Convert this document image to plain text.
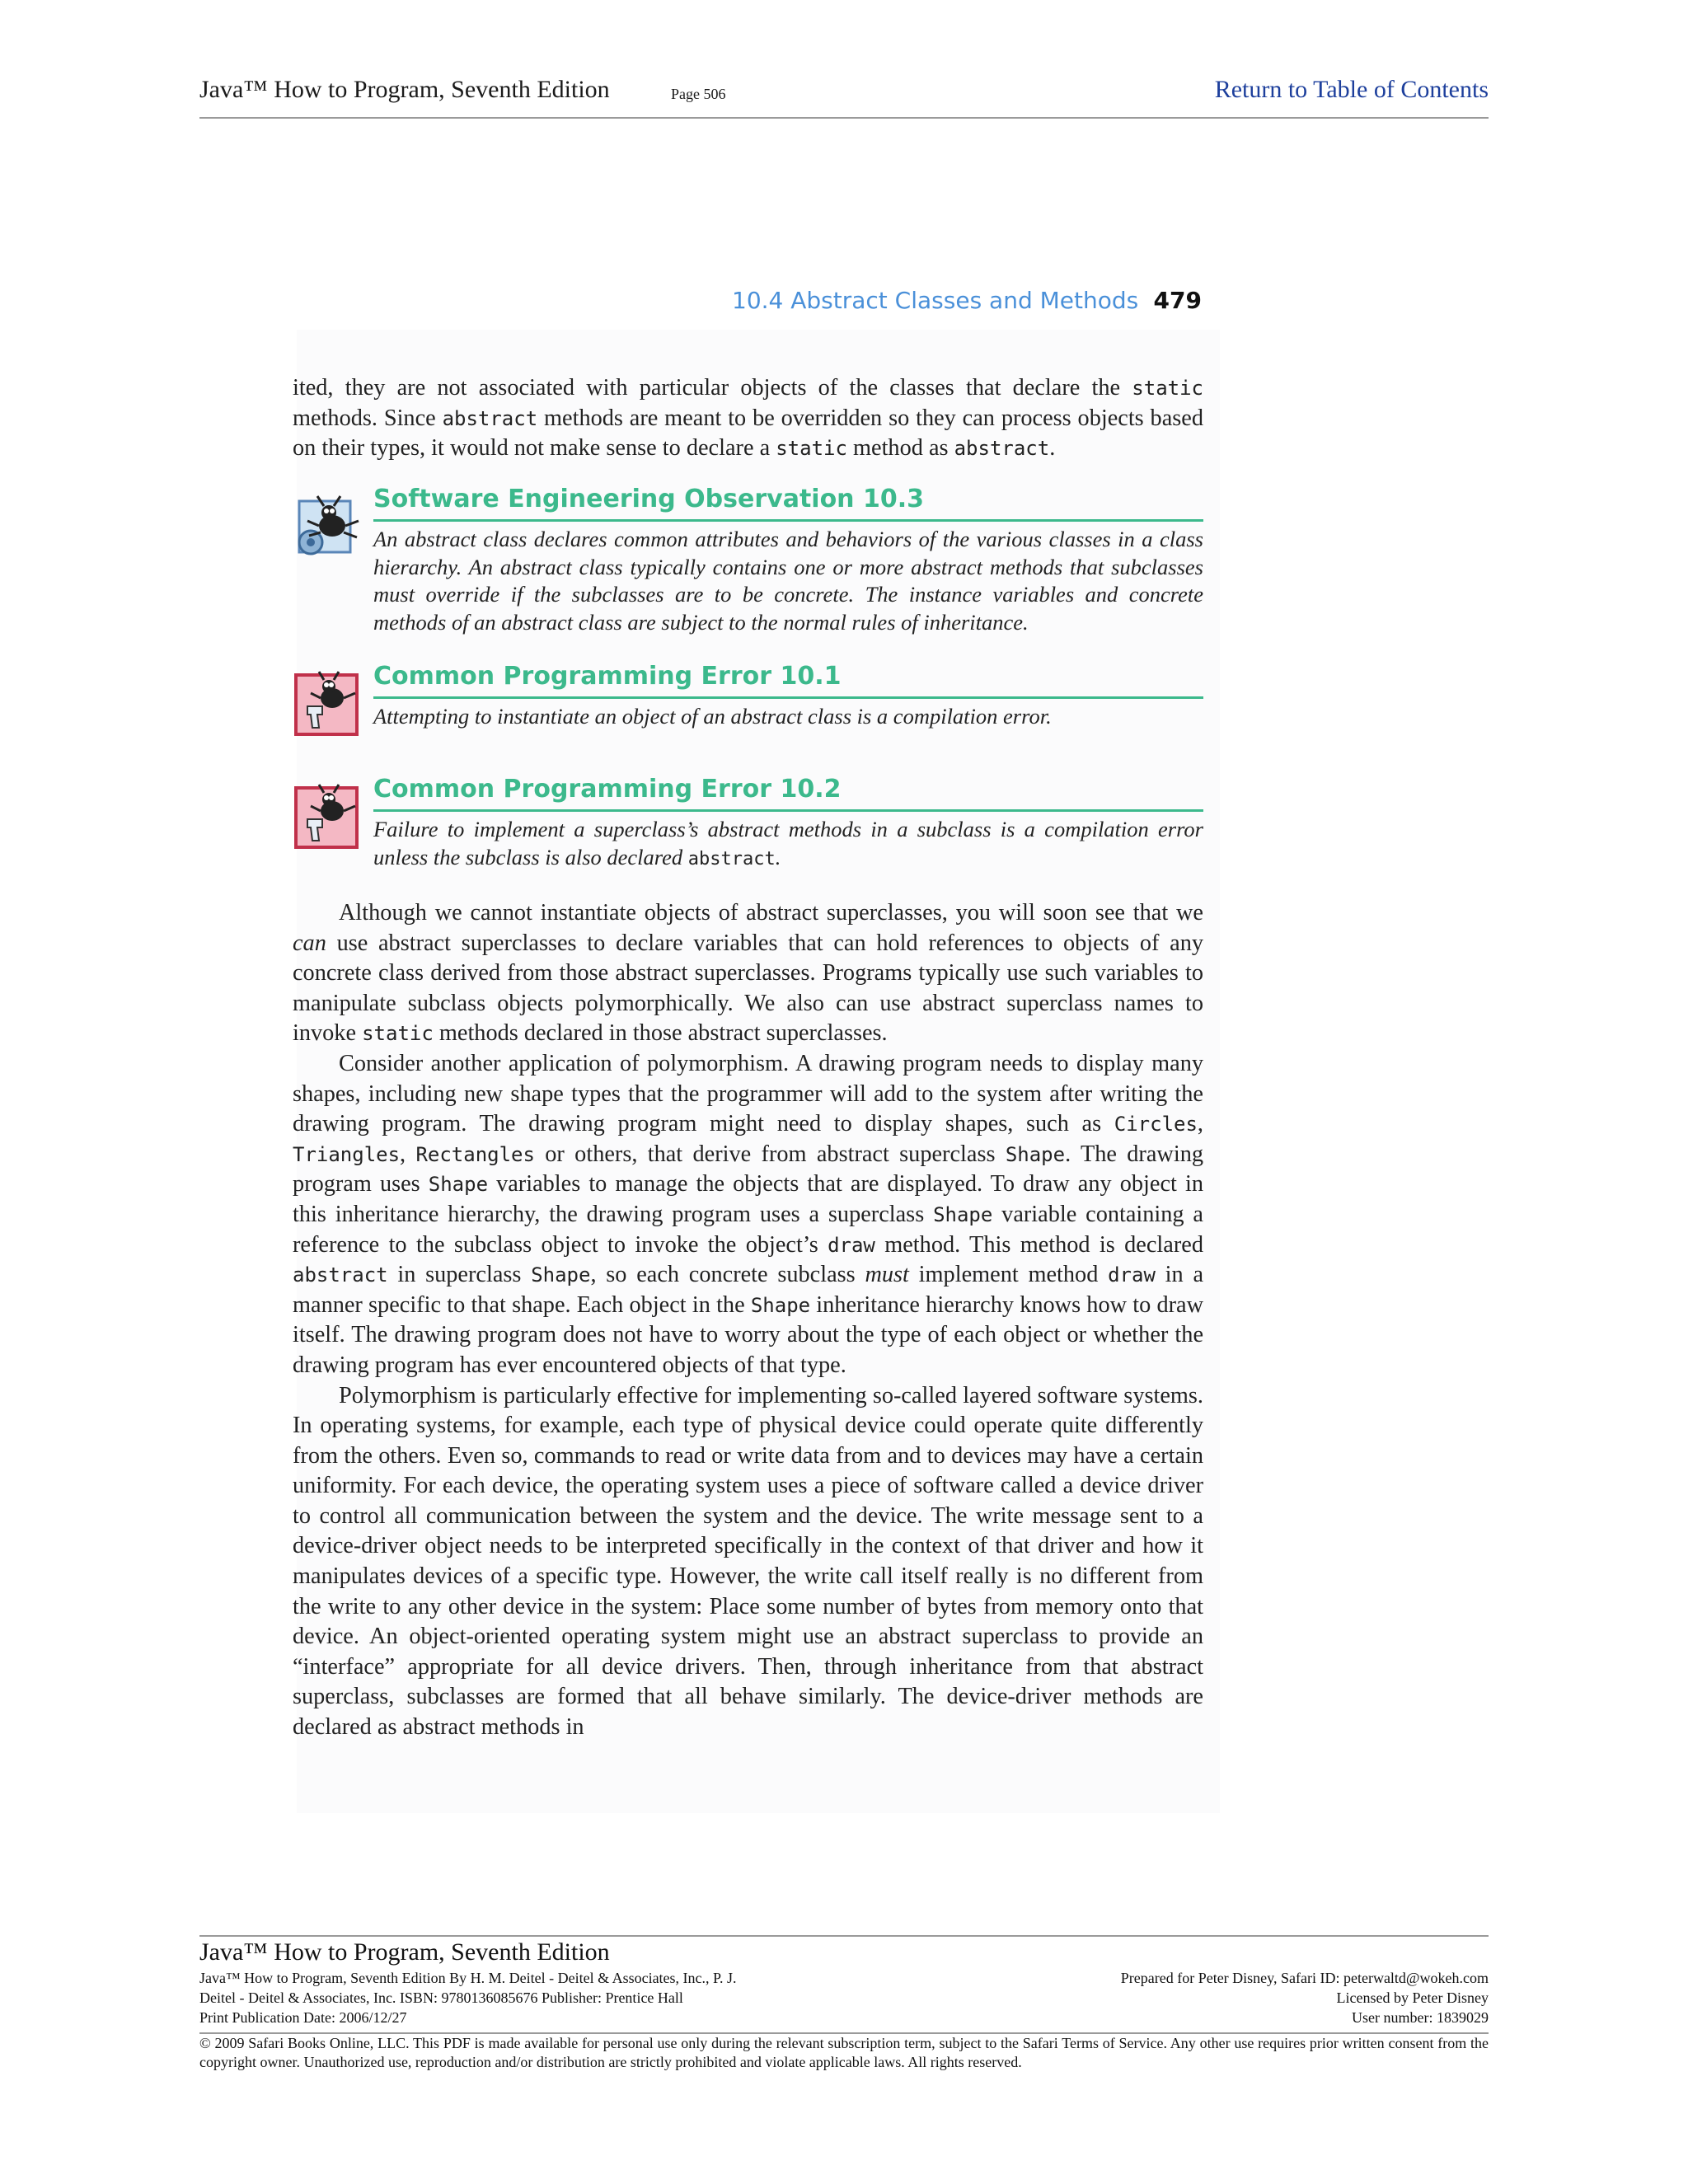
Java™ How to Program, Seventh Edition	Page 506	Return to Table of Contents
10.4 Abstract Classes and Methods 479
ited, they are not associated with particular objects of the classes that declare the static methods. Since abstract methods are meant to be overridden so they can process objects based on their types, it would not make sense to declare a static method as abstract.
Software Engineering Observation 10.3
An abstract class declares common attributes and behaviors of the various classes in a class hierarchy. An abstract class typically contains one or more abstract methods that subclasses must override if the subclasses are to be concrete. The instance variables and concrete methods of an abstract class are subject to the normal rules of inheritance.
Common Programming Error 10.1
Attempting to instantiate an object of an abstract class is a compilation error.
Common Programming Error 10.2
Failure to implement a superclass’s abstract methods in a subclass is a compilation error unless the subclass is also declared abstract.

Although we cannot instantiate objects of abstract superclasses, you will soon see that we can use abstract superclasses to declare variables that can hold references to objects of any concrete class derived from those abstract superclasses. Programs typically use such variables to manipulate subclass objects polymorphically. We also can use abstract superclass names to invoke static methods declared in those abstract superclasses.

Consider another application of polymorphism. A drawing program needs to display many shapes, including new shape types that the programmer will add to the system after writing the drawing program. The drawing program might need to display shapes, such as Circles, Triangles, Rectangles or others, that derive from abstract superclass Shape. The drawing program uses Shape variables to manage the objects that are displayed. To draw any object in this inheritance hierarchy, the drawing program uses a superclass Shape variable containing a reference to the subclass object to invoke the object’s draw method. This method is declared abstract in superclass Shape, so each concrete subclass must implement method draw in a manner specific to that shape. Each object in the Shape inheritance hierarchy knows how to draw itself. The drawing program does not have to worry about the type of each object or whether the drawing program has ever encountered objects of that type.

Polymorphism is particularly effective for implementing so-called layered software systems. In operating systems, for example, each type of physical device could operate quite differently from the others. Even so, commands to read or write data from and to devices may have a certain uniformity. For each device, the operating system uses a piece of software called a device driver to control all communication between the system and the device. The write message sent to a device-driver object needs to be interpreted specifically in the context of that driver and how it manipulates devices of a specific type. However, the write call itself really is no different from the write to any other device in the system: Place some number of bytes from memory onto that device. An object-oriented operating system might use an abstract superclass to provide an “interface” appropriate for all device drivers. Then, through inheritance from that abstract superclass, subclasses are formed that all behave similarly. The device-driver methods are declared as abstract methods in

Java™ How to Program, Seventh Edition
Java™ How to Program, Seventh Edition By H. M. Deitel - Deitel & Associates, Inc., P. J.	Prepared for Peter Disney, Safari ID: peterwaltd@wokeh.com
Deitel - Deitel & Associates, Inc. ISBN: 9780136085676 Publisher: Prentice Hall	Licensed by Peter Disney
Print Publication Date: 2006/12/27	User number: 1839029
© 2009 Safari Books Online, LLC. This PDF is made available for personal use only during the relevant subscription term, subject to the Safari Terms of Service. Any other use requires prior written consent from the copyright owner. Unauthorized use, reproduction and/or distribution are strictly prohibited and violate applicable laws. All rights reserved.
